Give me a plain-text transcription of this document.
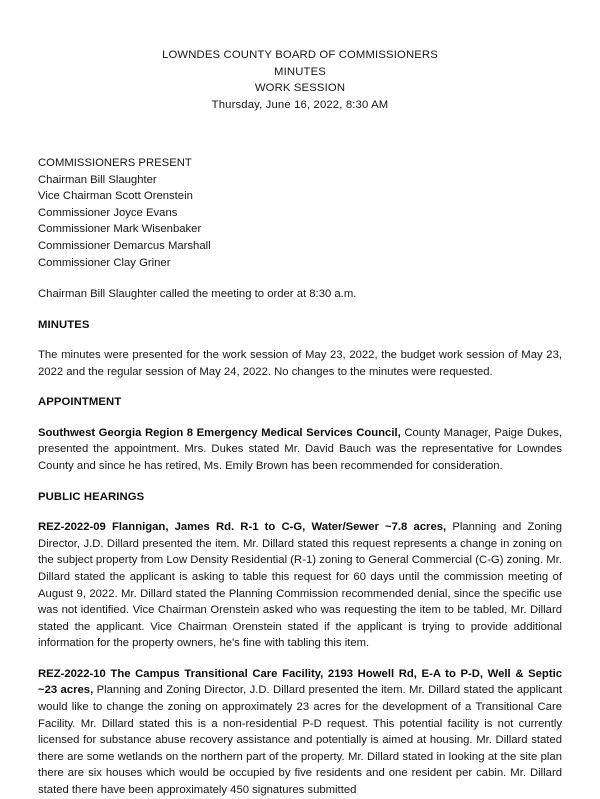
LOWNDES COUNTY BOARD OF COMMISSIONERS
MINUTES
WORK SESSION
Thursday, June 16, 2022, 8:30 AM
COMMISSIONERS PRESENT
Chairman Bill Slaughter
Vice Chairman Scott Orenstein
Commissioner Joyce Evans
Commissioner Mark Wisenbaker
Commissioner Demarcus Marshall
Commissioner Clay Griner
Chairman Bill Slaughter called the meeting to order at 8:30 a.m.
MINUTES

The minutes were presented for the work session of May 23, 2022, the budget work session of May 23, 2022 and the regular session of May 24, 2022. No changes to the minutes were requested.

APPOINTMENT

Southwest Georgia Region 8 Emergency Medical Services Council, County Manager, Paige Dukes, presented the appointment. Mrs. Dukes stated Mr. David Bauch was the representative for Lowndes County and since he has retired, Ms. Emily Brown has been recommended for consideration.

PUBLIC HEARINGS

REZ-2022-09 Flannigan, James Rd. R-1 to C-G, Water/Sewer ~7.8 acres, Planning and Zoning Director, J.D. Dillard presented the item. Mr. Dillard stated this request represents a change in zoning on the subject property from Low Density Residential (R-1) zoning to General Commercial (C-G) zoning. Mr. Dillard stated the applicant is asking to table this request for 60 days until the commission meeting of August 9, 2022. Mr. Dillard stated the Planning Commission recommended denial, since the specific use was not identified. Vice Chairman Orenstein asked who was requesting the item to be tabled, Mr. Dillard stated the applicant. Vice Chairman Orenstein stated if the applicant is trying to provide additional information for the property owners, he's fine with tabling this item.

REZ-2022-10 The Campus Transitional Care Facility, 2193 Howell Rd, E-A to P-D, Well & Septic ~23 acres, Planning and Zoning Director, J.D. Dillard presented the item. Mr. Dillard stated the applicant would like to change the zoning on approximately 23 acres for the development of a Transitional Care Facility. Mr. Dillard stated this is a non-residential P-D request. This potential facility is not currently licensed for substance abuse recovery assistance and potentially is aimed at housing. Mr. Dillard stated there are some wetlands on the northern part of the property. Mr. Dillard stated in looking at the site plan there are six houses which would be occupied by five residents and one resident per cabin. Mr. Dillard stated there have been approximately 450 signatures submitted
